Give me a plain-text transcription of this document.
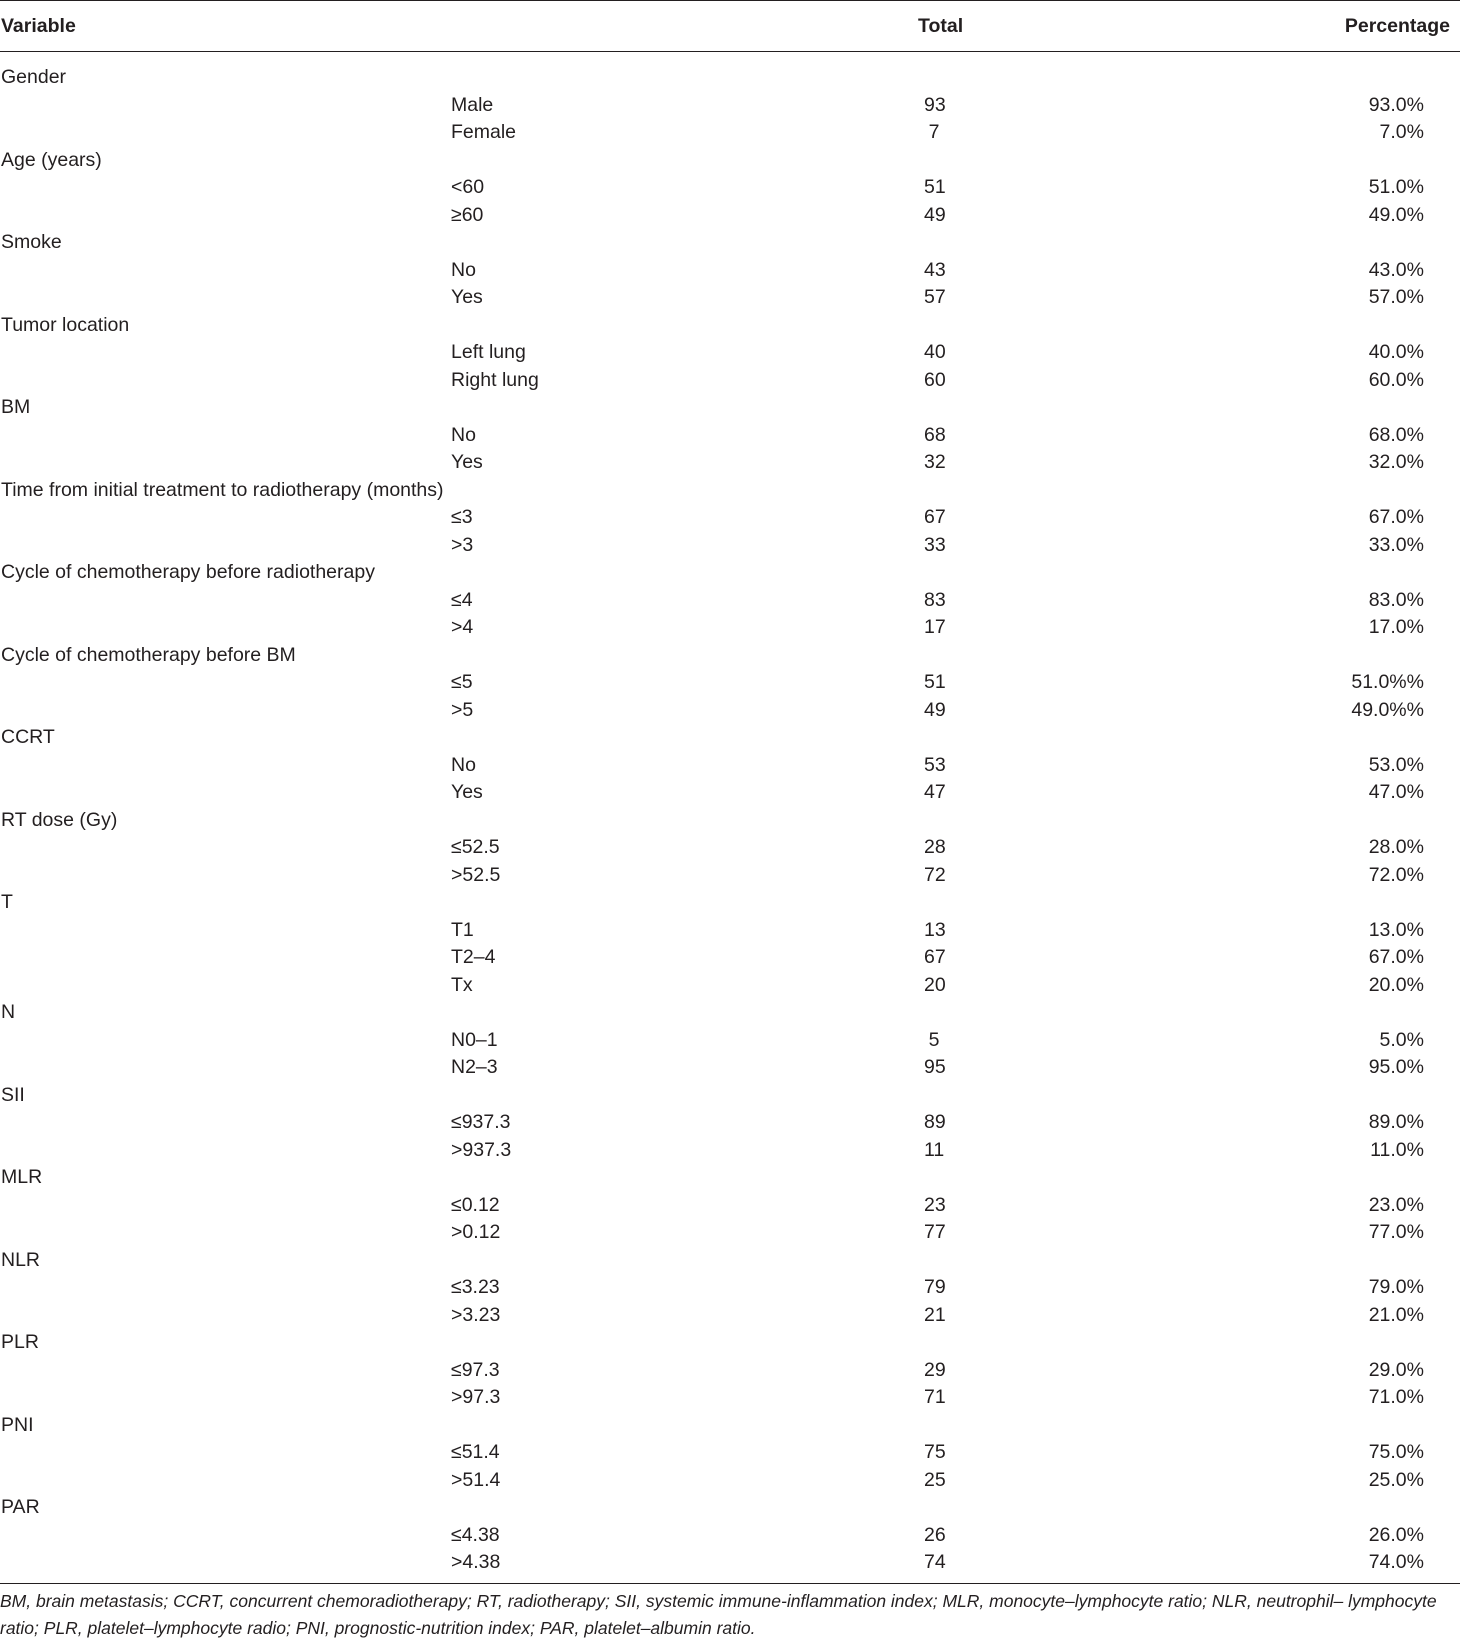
Variable	Total	Percentage
Gender
Male	93	93.0%
Female	7	7.0%
Age (years)
<60	51	51.0%
≥60	49	49.0%
Smoke
No	43	43.0%
Yes	57	57.0%
Tumor location
Left lung	40	40.0%
Right lung	60	60.0%
BM
No	68	68.0%
Yes	32	32.0%
Time from initial treatment to radiotherapy (months)
≤3	67	67.0%
>3	33	33.0%
Cycle of chemotherapy before radiotherapy
≤4	83	83.0%
>4	17	17.0%
Cycle of chemotherapy before BM
≤5	51	51.0%%
>5	49	49.0%%
CCRT
No	53	53.0%
Yes	47	47.0%
RT dose (Gy)
≤52.5	28	28.0%
>52.5	72	72.0%
T
T1	13	13.0%
T2–4	67	67.0%
Tx	20	20.0%
N
N0–1	5	5.0%
N2–3	95	95.0%
SII
≤937.3	89	89.0%
>937.3	11	11.0%
MLR
≤0.12	23	23.0%
>0.12	77	77.0%
NLR
≤3.23	79	79.0%
>3.23	21	21.0%
PLR
≤97.3	29	29.0%
>97.3	71	71.0%
PNI
≤51.4	75	75.0%
>51.4	25	25.0%
PAR
≤4.38	26	26.0%
>4.38	74	74.0%
BM, brain metastasis; CCRT, concurrent chemoradiotherapy; RT, radiotherapy; SII, systemic immune-inflammation index; MLR, monocyte–lymphocyte ratio; NLR, neutrophil– lymphocyte ratio; PLR, platelet–lymphocyte radio; PNI, prognostic-nutrition index; PAR, platelet–albumin ratio.
